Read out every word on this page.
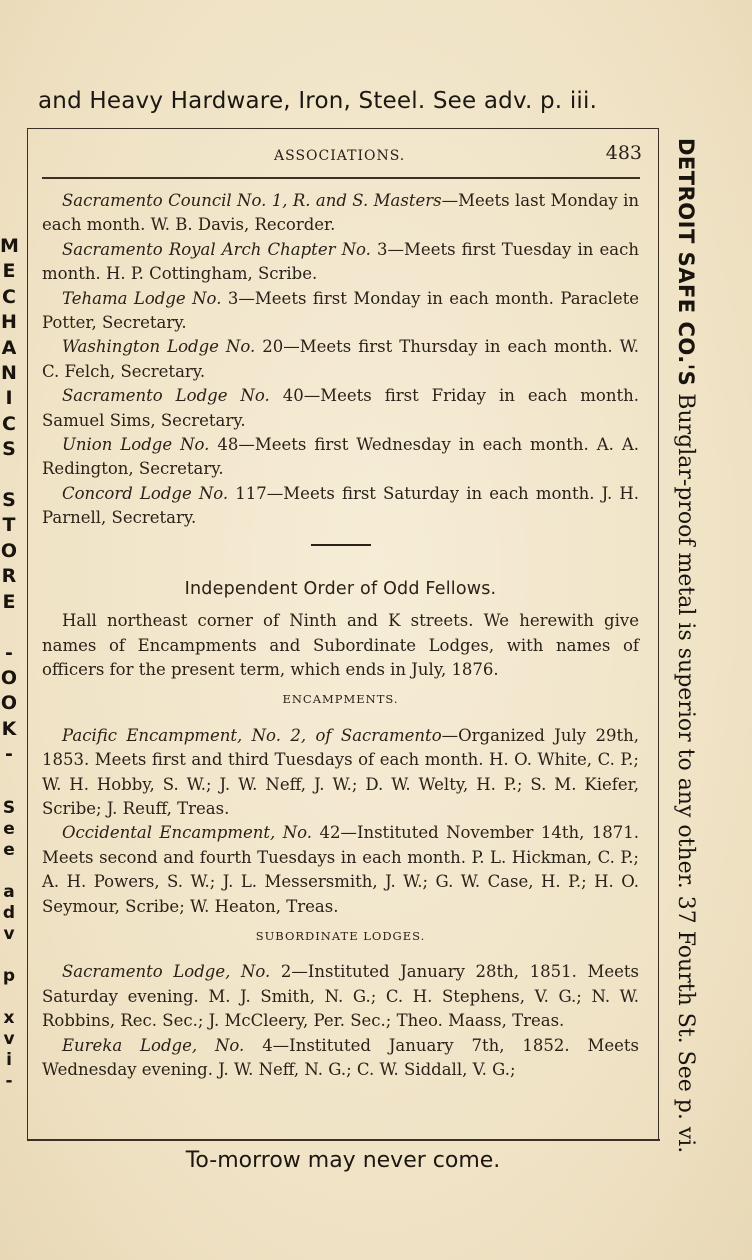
and Heavy Hardware, Iron, Steel. See adv. p. iii.
M
E
C
H
A
N
I
C
S

S
T
O
R
E

-
O
O
K
-
S
e
e

a
d
v

p

x
v
i
-
DETROIT SAFE CO.'S Burglar-proof metal is superior to any other. 37 Fourth St. See p. vi.
ASSOCIATIONS.	483

Sacramento Council No. 1, R. and S. Masters—Meets last Monday in each month. W. B. Davis, Recorder.

Sacramento Royal Arch Chapter No. 3—Meets first Tuesday in each month. H. P. Cottingham, Scribe.

Tehama Lodge No. 3—Meets first Monday in each month. Paraclete Potter, Secretary.

Washington Lodge No. 20—Meets first Thursday in each month. W. C. Felch, Secretary.

Sacramento Lodge No. 40—Meets first Friday in each month. Samuel Sims, Secretary.

Union Lodge No. 48—Meets first Wednesday in each month. A. A. Redington, Secretary.

Concord Lodge No. 117—Meets first Saturday in each month. J. H. Parnell, Secretary.

Independent Order of Odd Fellows.

Hall northeast corner of Ninth and K streets. We herewith give names of Encampments and Subordinate Lodges, with names of officers for the present term, which ends in July, 1876.

ENCAMPMENTS.

Pacific Encampment, No. 2, of Sacramento—Organized July 29th, 1853. Meets first and third Tuesdays of each month. H. O. White, C. P.; W. H. Hobby, S. W.; J. W. Neff, J. W.; D. W. Welty, H. P.; S. M. Kiefer, Scribe; J. Reuff, Treas.

Occidental Encampment, No. 42—Instituted November 14th, 1871. Meets second and fourth Tuesdays in each month. P. L. Hickman, C. P.; A. H. Powers, S. W.; J. L. Messersmith, J. W.; G. W. Case, H. P.; H. O. Seymour, Scribe; W. Heaton, Treas.

SUBORDINATE LODGES.

Sacramento Lodge, No. 2—Instituted January 28th, 1851. Meets Saturday evening. M. J. Smith, N. G.; C. H. Stephens, V. G.; N. W. Robbins, Rec. Sec.; J. McCleery, Per. Sec.; Theo. Maass, Treas.

Eureka Lodge, No. 4—Instituted January 7th, 1852. Meets Wednesday evening. J. W. Neff, N. G.; C. W. Siddall, V. G.;

To-morrow may never come.
